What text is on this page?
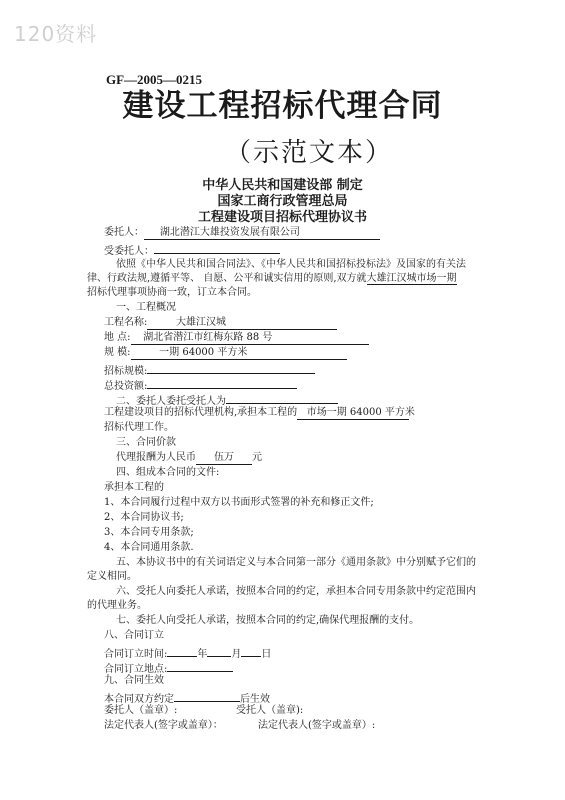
120资料
GF—2005—0215
建设工程招标代理合同
（示范文本）
中华人民共和国建设部 制定
国家工商行政管理总局
工程建设项目招标代理协议书
委托人： 湖北潜江大雄投资发展有限公司
受委托人：
依照《中华人民共和国合同法》、《中华人民共和国招标投标法》及国家的有关法
律、行政法规,遵循平等、 自愿、公平和诚实信用的原则,双方就大雄江汉城市场一期
招标代理事项协商一致，订立本合同。
一、工程概况
工程名称:	大雄江汉城
地 点: 湖北省潜江市红梅东路 88 号
规 模:	一期 64000 平方米
招标规模:
总投资额:
二、委托人委托受托人为
工程建设项目的招标代理机构,承担本工程的 市场一期 64000 平方米
招标代理工作。
三、合同价款
代理报酬为人民币 伍万 元
四、组成本合同的文件:
承担本工程的
1、本合同履行过程中双方以书面形式签署的补充和修正文件;
2、本合同协议书;
3、本合同专用条款;
4、本合同通用条款.
五、本协议书中的有关词语定义与本合同第一部分《通用条款》中分别赋予它们的
定义相同。
六、受托人向委托人承诺，按照本合同的约定，承担本合同专用条款中约定范围内
的代理业务。
七、委托人向受托人承诺，按照本合同的约定,确保代理报酬的支付。
八、合同订立
合同订立时间:	年 月 日
合同订立地点:
九、合同生效
本合同双方约定	后生效
委托人（盖章）:	受托人（盖章):
法定代表人(签字或盖章）：	法定代表人(签字或盖章）:
